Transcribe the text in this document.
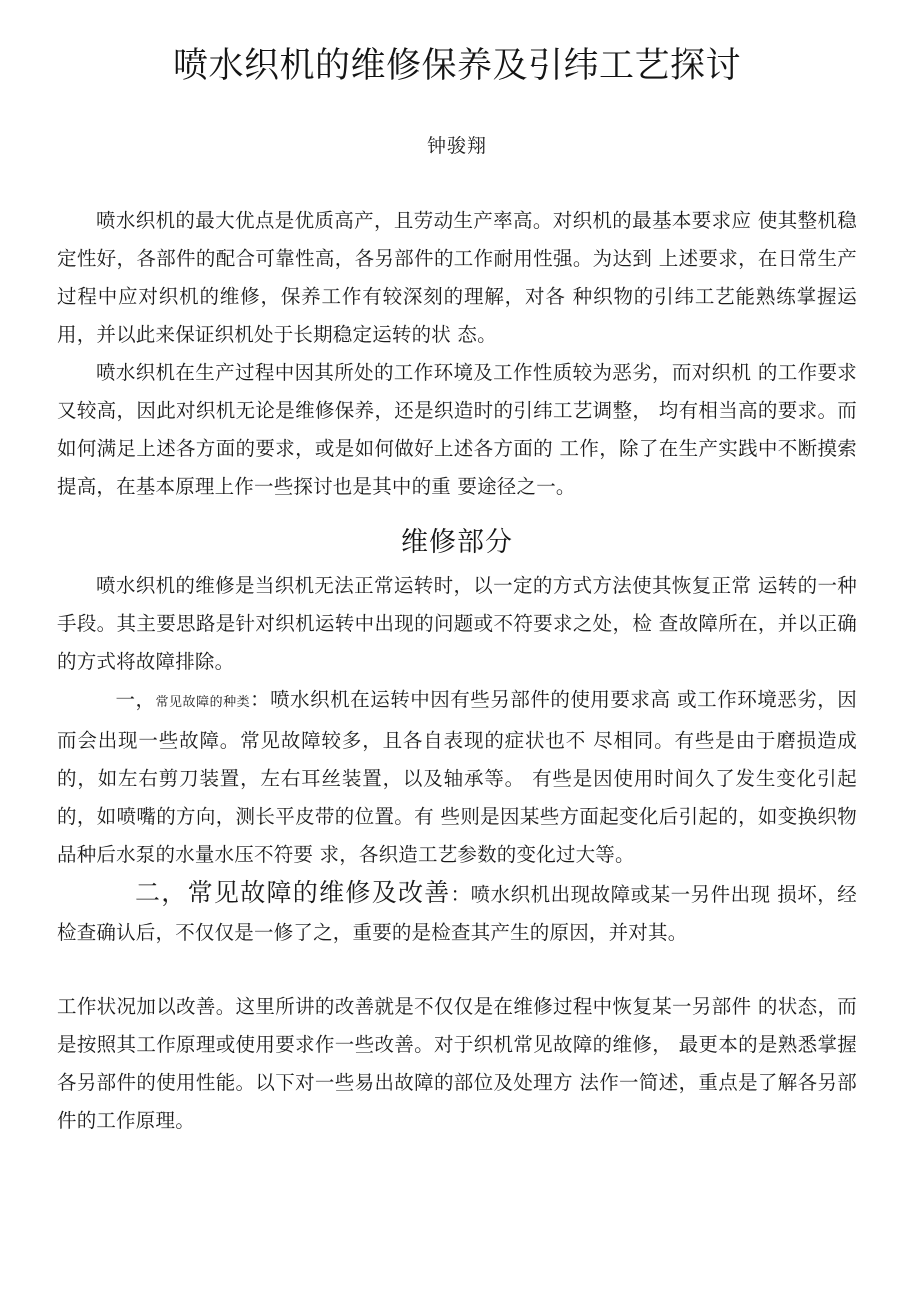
喷水织机的维修保养及引纬工艺探讨
钟骏翔

喷水织机的最大优点是优质高产，且劳动生产率高。对织机的最基本要求应 使其整机稳定性好，各部件的配合可靠性高，各另部件的工作耐用性强。为达到 上述要求，在日常生产过程中应对织机的维修，保养工作有较深刻的理解，对各 种织物的引纬工艺能熟练掌握运用，并以此来保证织机处于长期稳定运转的状 态。

喷水织机在生产过程中因其所处的工作环境及工作性质较为恶劣，而对织机 的工作要求又较高，因此对织机无论是维修保养，还是织造时的引纬工艺调整， 均有相当高的要求。而如何满足上述各方面的要求，或是如何做好上述各方面的 工作，除了在生产实践中不断摸索提高，在基本原理上作一些探讨也是其中的重 要途径之一。

维修部分

喷水织机的维修是当织机无法正常运转时，以一定的方式方法使其恢复正常 运转的一种手段。其主要思路是针对织机运转中出现的问题或不符要求之处，检 查故障所在，并以正确的方式将故障排除。

一，常见故障的种类：喷水织机在运转中因有些另部件的使用要求高 或工作环境恶劣，因而会出现一些故障。常见故障较多，且各自表现的症状也不 尽相同。有些是由于磨损造成的，如左右剪刀装置，左右耳丝装置，以及轴承等。 有些是因使用时间久了发生变化引起的，如喷嘴的方向，测长平皮带的位置。有 些则是因某些方面起变化后引起的，如变换织物品种后水泵的水量水压不符要 求，各织造工艺参数的变化过大等。

二，常见故障的维修及改善：喷水织机出现故障或某一另件出现 损坏，经检查确认后，不仅仅是一修了之，重要的是检查其产生的原因，并对其。

工作状况加以改善。这里所讲的改善就是不仅仅是在维修过程中恢复某一另部件 的状态，而是按照其工作原理或使用要求作一些改善。对于织机常见故障的维修， 最更本的是熟悉掌握各另部件的使用性能。以下对一些易出故障的部位及处理方 法作一简述，重点是了解各另部件的工作原理。
